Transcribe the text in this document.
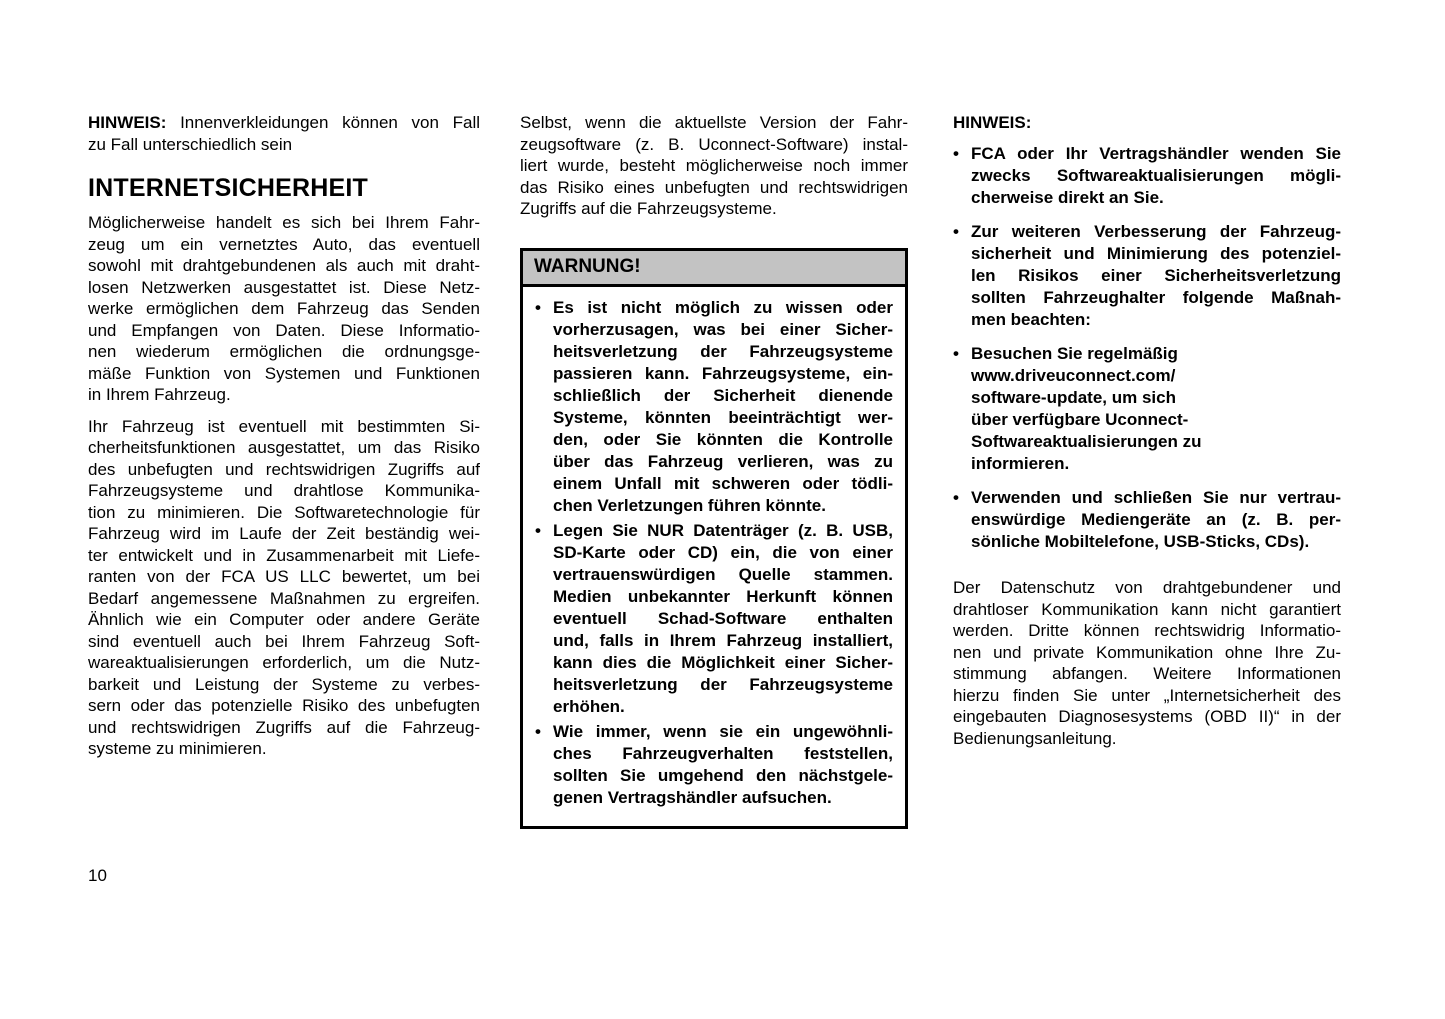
HINWEIS: Innenverkleidungen können von Fall
zu Fall unterschiedlich sein
INTERNETSICHERHEIT
Möglicherweise handelt es sich bei Ihrem Fahr-
zeug um ein vernetztes Auto, das eventuell
sowohl mit drahtgebundenen als auch mit draht-
losen Netzwerken ausgestattet ist. Diese Netz-
werke ermöglichen dem Fahrzeug das Senden
und Empfangen von Daten. Diese Informatio-
nen wiederum ermöglichen die ordnungsge-
mäße Funktion von Systemen und Funktionen
in Ihrem Fahrzeug.
Ihr Fahrzeug ist eventuell mit bestimmten Si-
cherheitsfunktionen ausgestattet, um das Risiko
des unbefugten und rechtswidrigen Zugriffs auf
Fahrzeugsysteme und drahtlose Kommunika-
tion zu minimieren. Die Softwaretechnologie für
Fahrzeug wird im Laufe der Zeit beständig wei-
ter entwickelt und in Zusammenarbeit mit Liefe-
ranten von der FCA US LLC bewertet, um bei
Bedarf angemessene Maßnahmen zu ergreifen.
Ähnlich wie ein Computer oder andere Geräte
sind eventuell auch bei Ihrem Fahrzeug Soft-
wareaktualisierungen erforderlich, um die Nutz-
barkeit und Leistung der Systeme zu verbes-
sern oder das potenzielle Risiko des unbefugten
und rechtswidrigen Zugriffs auf die Fahrzeug-
systeme zu minimieren.
Selbst, wenn die aktuellste Version der Fahr-
zeugsoftware (z. B. Uconnect-Software) instal-
liert wurde, besteht möglicherweise noch immer
das Risiko eines unbefugten und rechtswidrigen
Zugriffs auf die Fahrzeugsysteme.
WARNUNG!
• Es ist nicht möglich zu wissen oder
vorherzusagen, was bei einer Sicher-
heitsverletzung der Fahrzeugsysteme
passieren kann. Fahrzeugsysteme, ein-
schließlich der Sicherheit dienende
Systeme, könnten beeinträchtigt wer-
den, oder Sie könnten die Kontrolle
über das Fahrzeug verlieren, was zu
einem Unfall mit schweren oder tödli-
chen Verletzungen führen könnte.
• Legen Sie NUR Datenträger (z. B. USB,
SD-Karte oder CD) ein, die von einer
vertrauenswürdigen Quelle stammen.
Medien unbekannter Herkunft können
eventuell Schad-Software enthalten
und, falls in Ihrem Fahrzeug installiert,
kann dies die Möglichkeit einer Sicher-
heitsverletzung der Fahrzeugsysteme
erhöhen.
• Wie immer, wenn sie ein ungewöhnli-
ches Fahrzeugverhalten feststellen,
sollten Sie umgehend den nächstgele-
genen Vertragshändler aufsuchen.
HINWEIS:
• FCA oder Ihr Vertragshändler wenden Sie
zwecks Softwareaktualisierungen mögli-
cherweise direkt an Sie.
• Zur weiteren Verbesserung der Fahrzeug-
sicherheit und Minimierung des potenziel-
len Risikos einer Sicherheitsverletzung
sollten Fahrzeughalter folgende Maßnah-
men beachten:
• Besuchen Sie regelmäßig
www.driveuconnect.com/
software-update, um sich
über verfügbare Uconnect-
Softwareaktualisierungen zu
informieren.
• Verwenden und schließen Sie nur vertrau-
enswürdige Mediengeräte an (z. B. per-
sönliche Mobiltelefone, USB-Sticks, CDs).
Der Datenschutz von drahtgebundener und
drahtloser Kommunikation kann nicht garantiert
werden. Dritte können rechtswidrig Informatio-
nen und private Kommunikation ohne Ihre Zu-
stimmung abfangen. Weitere Informationen
hierzu finden Sie unter „Internetsicherheit des
eingebauten Diagnosesystems (OBD II)“ in der
Bedienungsanleitung.
10
